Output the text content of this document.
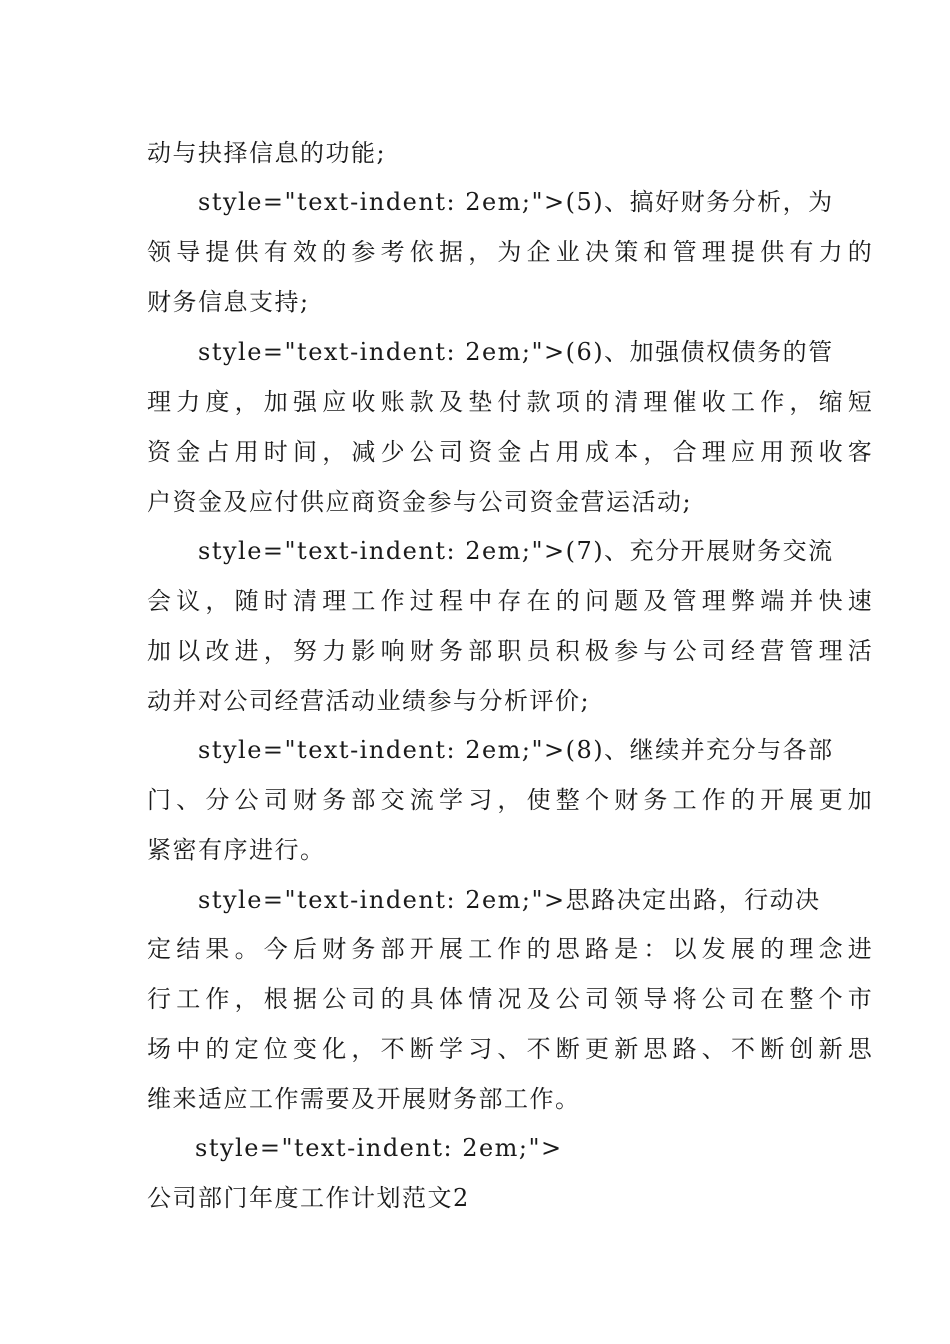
动与抉择信息的功能;
style="text-indent: 2em;">(5)、搞好财务分析，为
领导提供有效的参考依据，为企业决策和管理提供有力的
财务信息支持;
style="text-indent: 2em;">(6)、加强债权债务的管
理力度，加强应收账款及垫付款项的清理催收工作，缩短
资金占用时间，减少公司资金占用成本，合理应用预收客
户资金及应付供应商资金参与公司资金营运活动;
style="text-indent: 2em;">(7)、充分开展财务交流
会议，随时清理工作过程中存在的问题及管理弊端并快速
加以改进，努力影响财务部职员积极参与公司经营管理活
动并对公司经营活动业绩参与分析评价;
style="text-indent: 2em;">(8)、继续并充分与各部
门、分公司财务部交流学习，使整个财务工作的开展更加
紧密有序进行。
style="text-indent: 2em;">思路决定出路，行动决
定结果。今后财务部开展工作的思路是：以发展的理念进
行工作，根据公司的具体情况及公司领导将公司在整个市
场中的定位变化，不断学习、不断更新思路、不断创新思
维来适应工作需要及开展财务部工作。
style="text-indent: 2em;">
公司部门年度工作计划范文2
